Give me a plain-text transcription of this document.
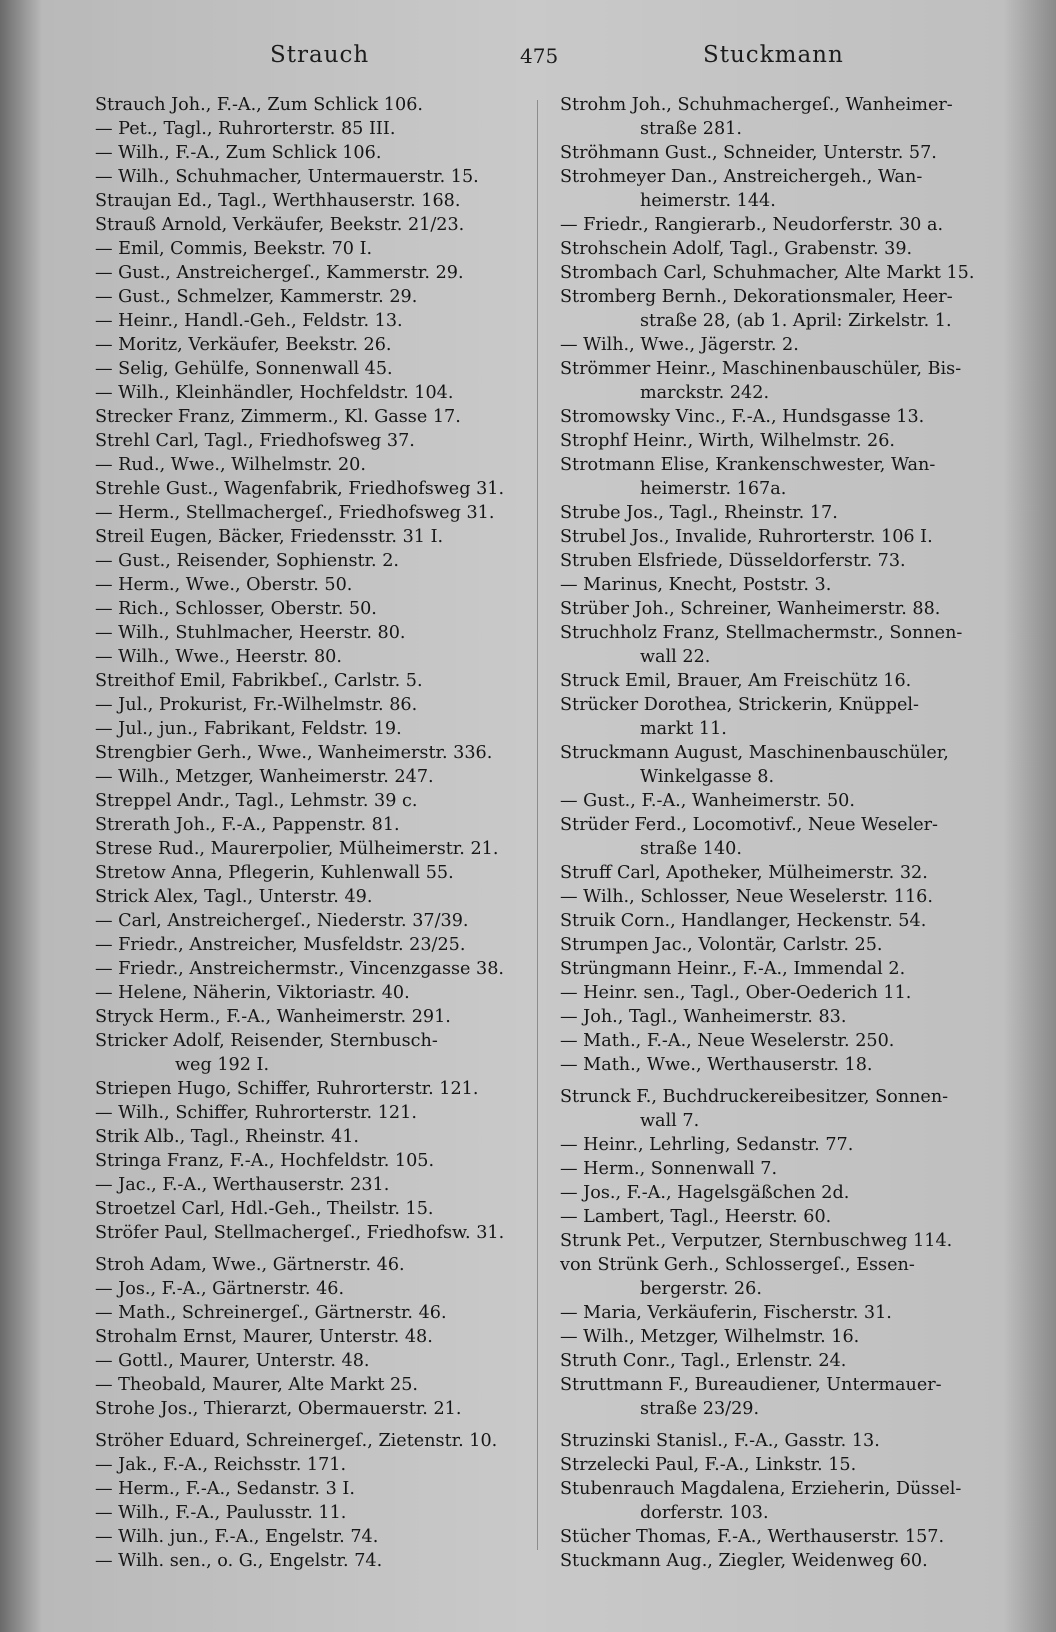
Strauch	475	Stuckmann
Strauch Joh., F.-A., Zum Schlick 106.
— Pet., Tagl., Ruhrorterstr. 85 III.
— Wilh., F.-A., Zum Schlick 106.
— Wilh., Schuhmacher, Untermauerstr. 15.
Straujan Ed., Tagl., Werthhauserstr. 168.
Strauß Arnold, Verkäufer, Beekstr. 21/23.
— Emil, Commis, Beekstr. 70 I.
— Gust., Anstreichergeſ., Kammerstr. 29.
— Gust., Schmelzer, Kammerstr. 29.
— Heinr., Handl.-Geh., Feldstr. 13.
— Moritz, Verkäufer, Beekstr. 26.
— Selig, Gehülfe, Sonnenwall 45.
— Wilh., Kleinhändler, Hochfeldstr. 104.
Strecker Franz, Zimmerm., Kl. Gasse 17.
Strehl Carl, Tagl., Friedhofsweg 37.
— Rud., Wwe., Wilhelmstr. 20.
Strehle Gust., Wagenfabrik, Friedhofsweg 31.
— Herm., Stellmachergeſ., Friedhofsweg 31.
Streil Eugen, Bäcker, Friedensstr. 31 I.
— Gust., Reisender, Sophienstr. 2.
— Herm., Wwe., Oberstr. 50.
— Rich., Schlosser, Oberstr. 50.
— Wilh., Stuhlmacher, Heerstr. 80.
— Wilh., Wwe., Heerstr. 80.
Streithof Emil, Fabrikbeſ., Carlstr. 5.
— Jul., Prokurist, Fr.-Wilhelmstr. 86.
— Jul., jun., Fabrikant, Feldstr. 19.
Strengbier Gerh., Wwe., Wanheimerstr. 336.
— Wilh., Metzger, Wanheimerstr. 247.
Streppel Andr., Tagl., Lehmstr. 39 c.
Strerath Joh., F.-A., Pappenstr. 81.
Strese Rud., Maurerpolier, Mülheimerstr. 21.
Stretow Anna, Pflegerin, Kuhlenwall 55.
Strick Alex, Tagl., Unterstr. 49.
— Carl, Anstreichergeſ., Niederstr. 37/39.
— Friedr., Anstreicher, Musfeldstr. 23/25.
— Friedr., Anstreichermstr., Vincenzgasse 38.
— Helene, Näherin, Viktoriastr. 40.
Stryck Herm., F.-A., Wanheimerstr. 291.
Stricker Adolf, Reisender, Sternbusch-
weg 192 I.
Striepen Hugo, Schiffer, Ruhrorterstr. 121.
— Wilh., Schiffer, Ruhrorterstr. 121.
Strik Alb., Tagl., Rheinstr. 41.
Stringa Franz, F.-A., Hochfeldstr. 105.
— Jac., F.-A., Werthauserstr. 231.
Stroetzel Carl, Hdl.-Geh., Theilstr. 15.
Ströfer Paul, Stellmachergeſ., Friedhofsw. 31.
Stroh Adam, Wwe., Gärtnerstr. 46.
— Jos., F.-A., Gärtnerstr. 46.
— Math., Schreinergeſ., Gärtnerstr. 46.
Strohalm Ernst, Maurer, Unterstr. 48.
— Gottl., Maurer, Unterstr. 48.
— Theobald, Maurer, Alte Markt 25.
Strohe Jos., Thierarzt, Obermauerstr. 21.
Ströher Eduard, Schreinergeſ., Zietenstr. 10.
— Jak., F.-A., Reichsstr. 171.
— Herm., F.-A., Sedanstr. 3 I.
— Wilh., F.-A., Paulusstr. 11.
— Wilh. jun., F.-A., Engelstr. 74.
— Wilh. sen., o. G., Engelstr. 74.
Strohm Joh., Schuhmachergeſ., Wanheimer-
straße 281.
Ströhmann Gust., Schneider, Unterstr. 57.
Strohmeyer Dan., Anstreichergeh., Wan-
heimerstr. 144.
— Friedr., Rangierarb., Neudorferstr. 30 a.
Strohschein Adolf, Tagl., Grabenstr. 39.
Strombach Carl, Schuhmacher, Alte Markt 15.
Stromberg Bernh., Dekorationsmaler, Heer-
straße 28, (ab 1. April: Zirkelstr. 1.
— Wilh., Wwe., Jägerstr. 2.
Strömmer Heinr., Maschinenbauschüler, Bis-
marckstr. 242.
Stromowsky Vinc., F.-A., Hundsgasse 13.
Strophf Heinr., Wirth, Wilhelmstr. 26.
Strotmann Elise, Krankenschwester, Wan-
heimerstr. 167a.
Strube Jos., Tagl., Rheinstr. 17.
Strubel Jos., Invalide, Ruhrorterstr. 106 I.
Struben Elsfriede, Düsseldorferstr. 73.
— Marinus, Knecht, Poststr. 3.
Strüber Joh., Schreiner, Wanheimerstr. 88.
Struchholz Franz, Stellmachermstr., Sonnen-
wall 22.
Struck Emil, Brauer, Am Freischütz 16.
Strücker Dorothea, Strickerin, Knüppel-
markt 11.
Struckmann August, Maschinenbauschüler,
Winkelgasse 8.
— Gust., F.-A., Wanheimerstr. 50.
Strüder Ferd., Locomotivf., Neue Weseler-
straße 140.
Struff Carl, Apotheker, Mülheimerstr. 32.
— Wilh., Schlosser, Neue Weselerstr. 116.
Struik Corn., Handlanger, Heckenstr. 54.
Strumpen Jac., Volontär, Carlstr. 25.
Strüngmann Heinr., F.-A., Immendal 2.
— Heinr. sen., Tagl., Ober-Oederich 11.
— Joh., Tagl., Wanheimerstr. 83.
— Math., F.-A., Neue Weselerstr. 250.
— Math., Wwe., Werthauserstr. 18.
Strunck F., Buchdruckereibesitzer, Sonnen-
wall 7.
— Heinr., Lehrling, Sedanstr. 77.
— Herm., Sonnenwall 7.
— Jos., F.-A., Hagelsgäßchen 2d.
— Lambert, Tagl., Heerstr. 60.
Strunk Pet., Verputzer, Sternbuschweg 114.
von Strünk Gerh., Schlossergeſ., Essen-
bergerstr. 26.
— Maria, Verkäuferin, Fischerstr. 31.
— Wilh., Metzger, Wilhelmstr. 16.
Struth Conr., Tagl., Erlenstr. 24.
Struttmann F., Bureaudiener, Untermauer-
straße 23/29.
Struzinski Stanisl., F.-A., Gasstr. 13.
Strzelecki Paul, F.-A., Linkstr. 15.
Stubenrauch Magdalena, Erzieherin, Düssel-
dorferstr. 103.
Stücher Thomas, F.-A., Werthauserstr. 157.
Stuckmann Aug., Ziegler, Weidenweg 60.
